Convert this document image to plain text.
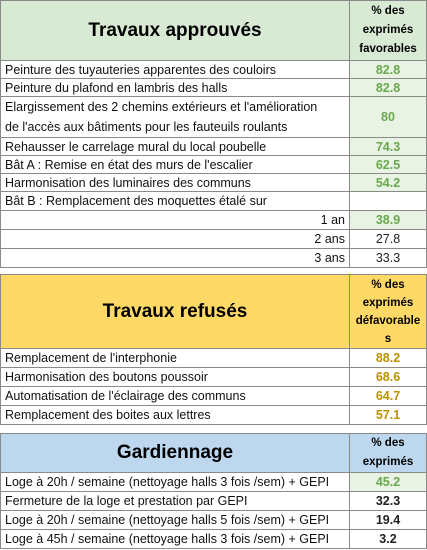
Travaux approuvés	% des
exprimés
favorables

Peinture des tuyauteries apparentes des couloirs	82.8
Peinture du plafond en lambris des halls	82.8

Elargissement des 2 chemins extérieurs et l'amélioration
de l'accès aux bâtiments pour les fauteuils roulants	80
Rehausser le carrelage mural du local poubelle	74.3
Bât A : Remise en état des murs de l'escalier	62.5
Harmonisation des luminaires des communs	54.2
Bât B : Remplacement des moquettes étalé sur	
1 an	38.9
2 ans	27.8
3 ans	33.3
Travaux refusés	% des
exprimés
défavorable
s

Remplacement de l'interphonie	88.2
Harmonisation des boutons poussoir	68.6
Automatisation de l'éclairage des communs	64.7
Remplacement des boites aux lettres	57.1
Gardiennage	% des
exprimés

Loge à 20h / semaine (nettoyage halls 3 fois /sem) + GEPI	45.2
Fermeture de la loge et prestation par GEPI	32.3
Loge à 20h / semaine (nettoyage halls 5 fois /sem) + GEPI	19.4
Loge à 45h / semaine (nettoyage halls 3 fois /sem) + GEPI	3.2
